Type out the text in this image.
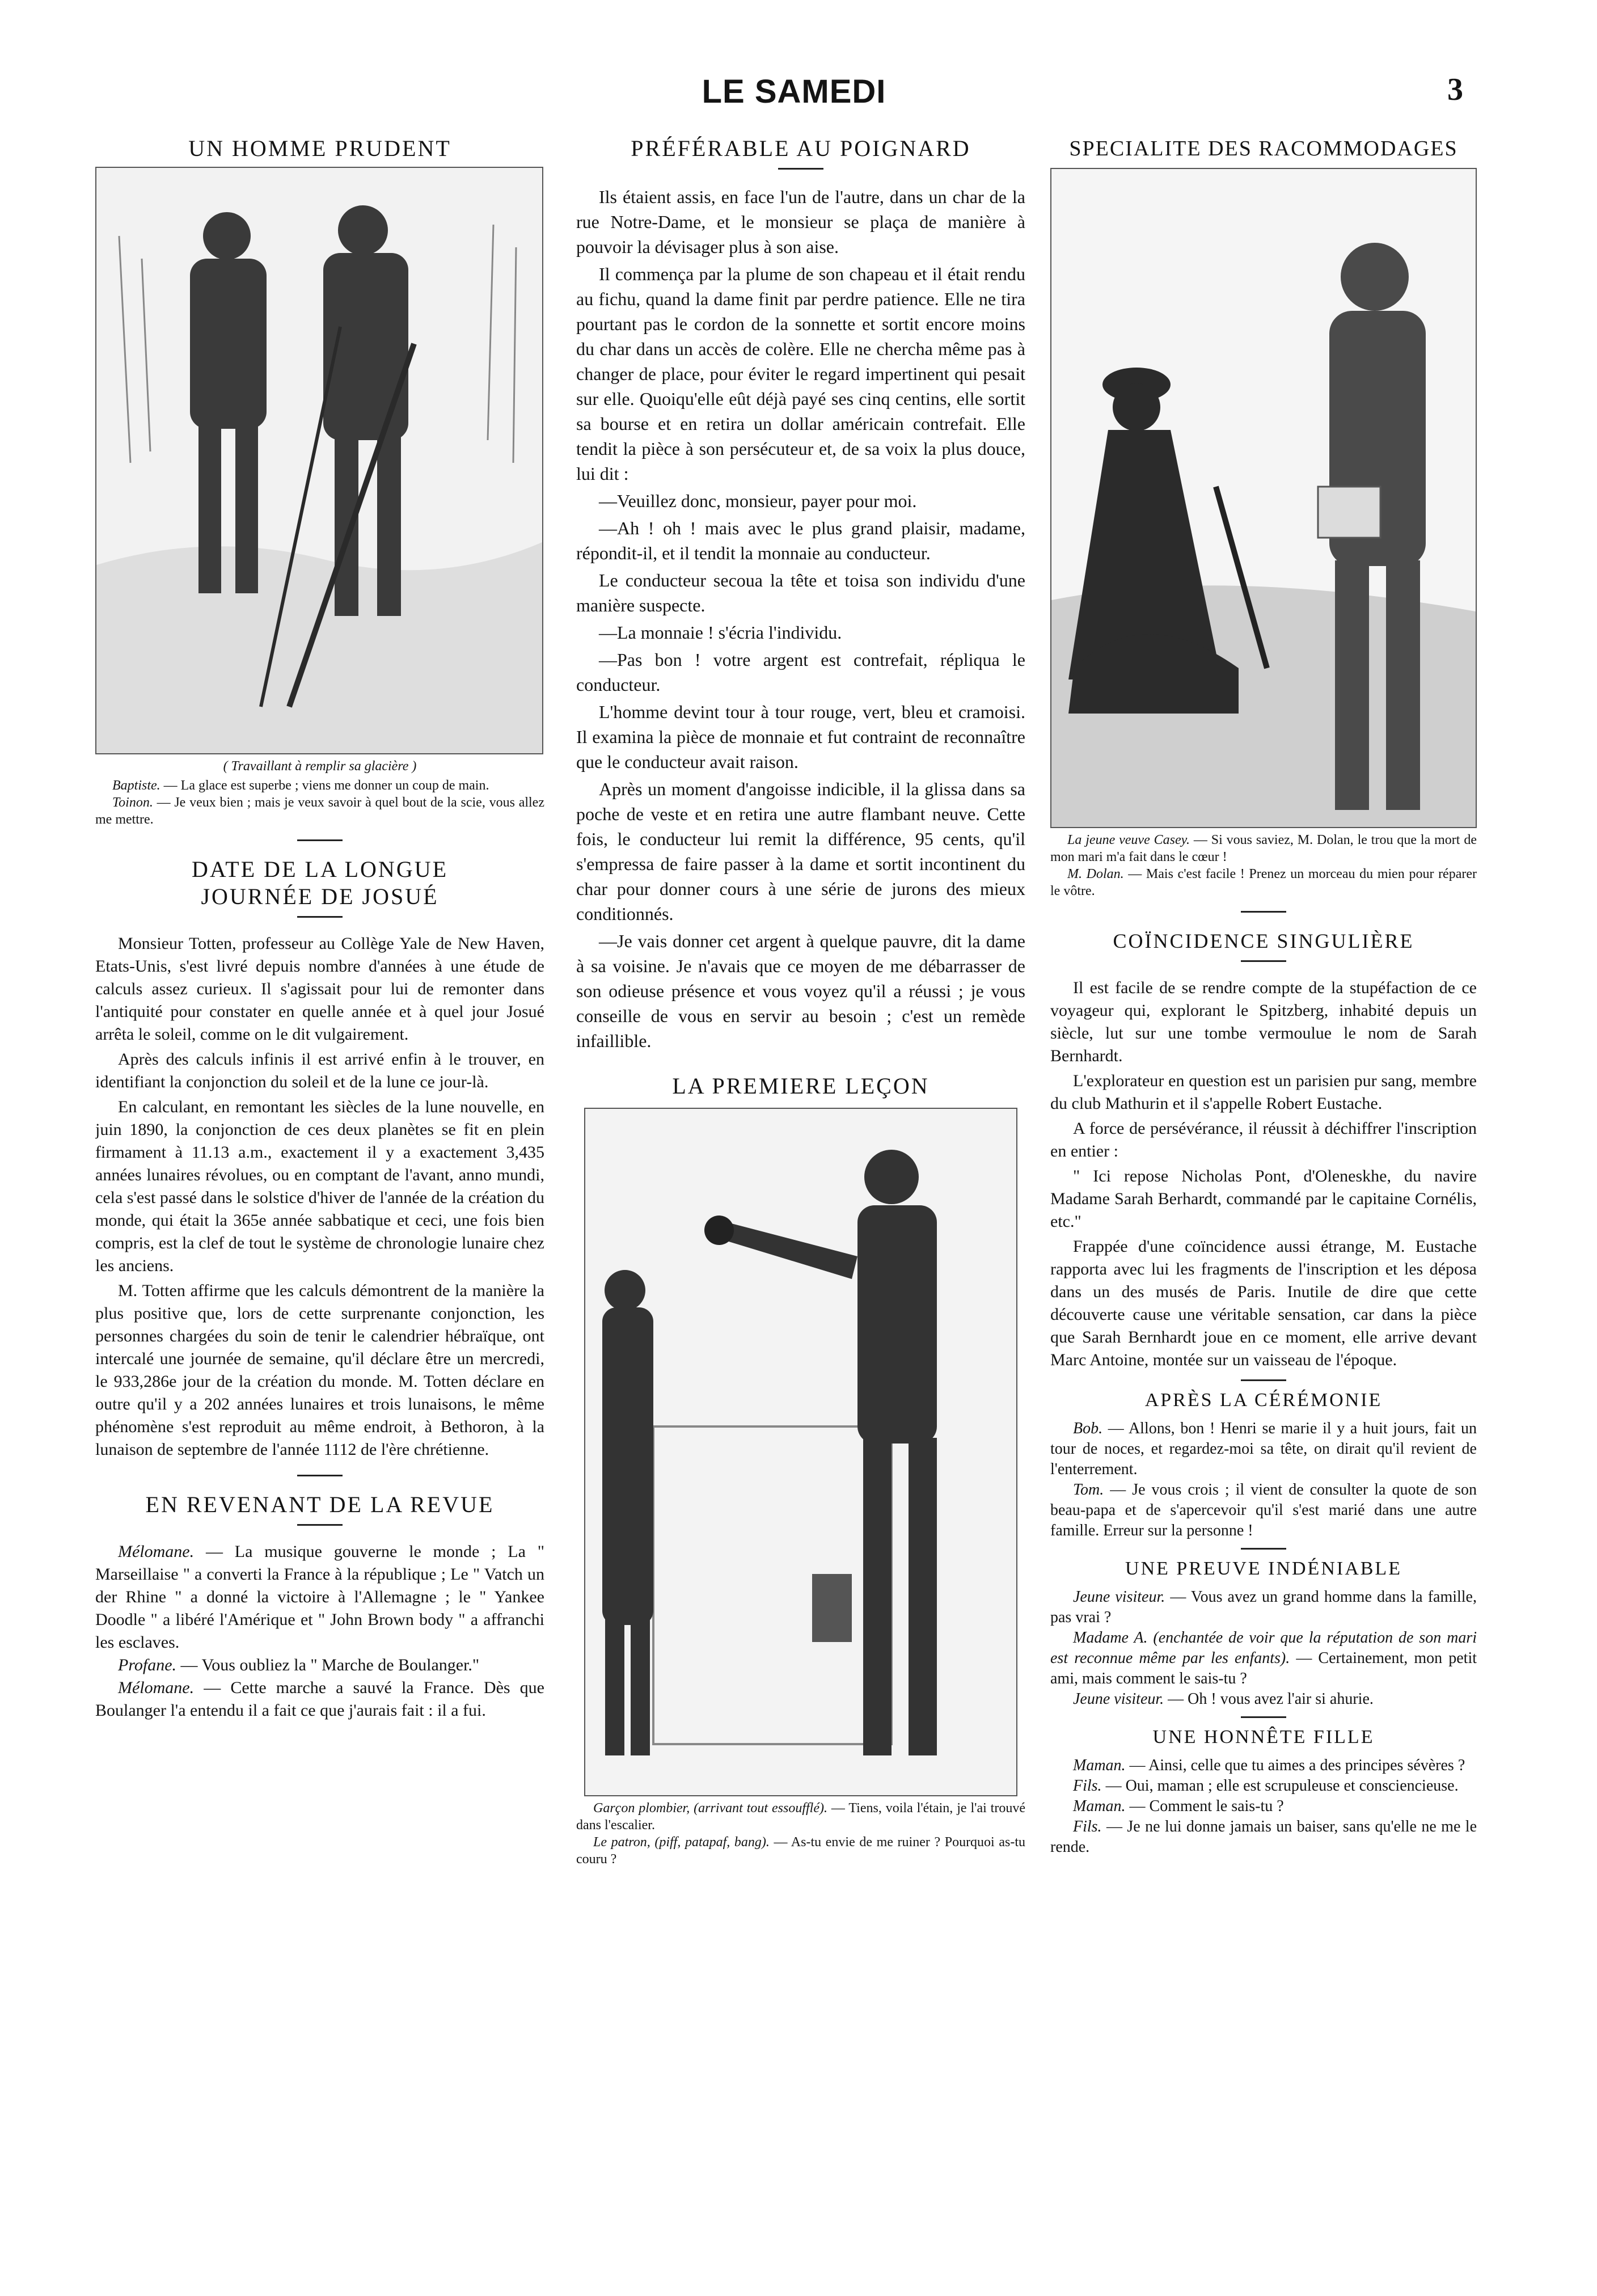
LE SAMEDI	3
UN HOMME PRUDENT
( Travaillant à remplir sa glacière )

Baptiste. — La glace est superbe ; viens me donner un coup de main.

Toinon. — Je veux bien ; mais je veux savoir à quel bout de la scie, vous allez me mettre.

DATE DE LA LONGUE JOURNÉE DE JOSUÉ

Monsieur Totten, professeur au Collège Yale de New Haven, Etats-Unis, s'est livré depuis nombre d'années à une étude de calculs assez curieux. Il s'agissait pour lui de remonter dans l'antiquité pour constater en quelle année et à quel jour Josué arrêta le soleil, comme on le dit vulgairement.

Après des calculs infinis il est arrivé enfin à le trouver, en identifiant la conjonction du soleil et de la lune ce jour-là.

En calculant, en remontant les siècles de la lune nouvelle, en juin 1890, la conjonction de ces deux planètes se fit en plein firmament à 11.13 a.m., exactement il y a exactement 3,435 années lunaires révolues, ou en comptant de l'avant, anno mundi, cela s'est passé dans le solstice d'hiver de l'année de la création du monde, qui était la 365e année sabbatique et ceci, une fois bien compris, est la clef de tout le système de chronologie lunaire chez les anciens.

M. Totten affirme que les calculs démontrent de la manière la plus positive que, lors de cette surprenante conjonction, les personnes chargées du soin de tenir le calendrier hébraïque, ont intercalé une journée de semaine, qu'il déclare être un mercredi, le 933,286e jour de la création du monde. M. Totten déclare en outre qu'il y a 202 années lunaires et trois lunaisons, le même phénomène s'est reproduit au même endroit, à Bethoron, à la lunaison de septembre de l'année 1112 de l'ère chrétienne.

EN REVENANT DE LA REVUE

Mélomane. — La musique gouverne le monde ; La " Marseillaise " a converti la France à la république ; Le " Vatch un der Rhine " a donné la victoire à l'Allemagne ; le " Yankee Doodle " a libéré l'Amérique et " John Brown body " a affranchi les esclaves.

Profane. — Vous oubliez la " Marche de Boulanger."

Mélomane. — Cette marche a sauvé la France. Dès que Boulanger l'a entendu il a fait ce que j'aurais fait : il a fui.

PRÉFÉRABLE AU POIGNARD

Ils étaient assis, en face l'un de l'autre, dans un char de la rue Notre-Dame, et le monsieur se plaça de manière à pouvoir la dévisager plus à son aise.

Il commença par la plume de son chapeau et il était rendu au fichu, quand la dame finit par perdre patience. Elle ne tira pourtant pas le cordon de la sonnette et sortit encore moins du char dans un accès de colère. Elle ne chercha même pas à changer de place, pour éviter le regard impertinent qui pesait sur elle. Quoiqu'elle eût déjà payé ses cinq centins, elle sortit sa bourse et en retira un dollar américain contrefait. Elle tendit la pièce à son persécuteur et, de sa voix la plus douce, lui dit :

—Veuillez donc, monsieur, payer pour moi.

—Ah ! oh ! mais avec le plus grand plaisir, madame, répondit-il, et il tendit la monnaie au conducteur.

Le conducteur secoua la tête et toisa son individu d'une manière suspecte.

—La monnaie ! s'écria l'individu.

—Pas bon ! votre argent est contrefait, répliqua le conducteur.

L'homme devint tour à tour rouge, vert, bleu et cramoisi. Il examina la pièce de monnaie et fut contraint de reconnaître que le conducteur avait raison.

Après un moment d'angoisse indicible, il la glissa dans sa poche de veste et en retira une autre flambant neuve. Cette fois, le conducteur lui remit la différence, 95 cents, qu'il s'empressa de faire passer à la dame et sortit incontinent du char pour donner cours à une série de jurons des mieux conditionnés.

—Je vais donner cet argent à quelque pauvre, dit la dame à sa voisine. Je n'avais que ce moyen de me débarrasser de son odieuse présence et vous voyez qu'il a réussi ; je vous conseille de vous en servir au besoin ; c'est un remède infaillible.

LA PREMIERE LEÇON

Garçon plombier, (arrivant tout essoufflé). — Tiens, voila l'étain, je l'ai trouvé dans l'escalier.

Le patron, (piff, patapaf, bang). — As-tu envie de me ruiner ? Pourquoi as-tu couru ?

SPECIALITE DES RACOMMODAGES

La jeune veuve Casey. — Si vous saviez, M. Dolan, le trou que la mort de mon mari m'a fait dans le cœur !

M. Dolan. — Mais c'est facile ! Prenez un morceau du mien pour réparer le vôtre.

COÏNCIDENCE SINGULIÈRE

Il est facile de se rendre compte de la stupéfaction de ce voyageur qui, explorant le Spitzberg, inhabité depuis un siècle, lut sur une tombe vermoulue le nom de Sarah Bernhardt.

L'explorateur en question est un parisien pur sang, membre du club Mathurin et il s'appelle Robert Eustache.

A force de persévérance, il réussit à déchiffrer l'inscription en entier :

" Ici repose Nicholas Pont, d'Oleneskhe, du navire Madame Sarah Berhardt, commandé par le capitaine Cornélis, etc."

Frappée d'une coïncidence aussi étrange, M. Eustache rapporta avec lui les fragments de l'inscription et les déposa dans un des musés de Paris. Inutile de dire que cette découverte cause une véritable sensation, car dans la pièce que Sarah Bernhardt joue en ce moment, elle arrive devant Marc Antoine, montée sur un vaisseau de l'époque.

APRÈS LA CÉRÉMONIE

Bob. — Allons, bon ! Henri se marie il y a huit jours, fait un tour de noces, et regardez-moi sa tête, on dirait qu'il revient de l'enterrement.

Tom. — Je vous crois ; il vient de consulter la quote de son beau-papa et de s'apercevoir qu'il s'est marié dans une autre famille. Erreur sur la personne !

UNE PREUVE INDÉNIABLE

Jeune visiteur. — Vous avez un grand homme dans la famille, pas vrai ?

Madame A. (enchantée de voir que la réputation de son mari est reconnue même par les enfants). — Certainement, mon petit ami, mais comment le sais-tu ?

Jeune visiteur. — Oh ! vous avez l'air si ahurie.

UNE HONNÊTE FILLE

Maman. — Ainsi, celle que tu aimes a des principes sévères ?

Fils. — Oui, maman ; elle est scrupuleuse et consciencieuse.

Maman. — Comment le sais-tu ?

Fils. — Je ne lui donne jamais un baiser, sans qu'elle ne me le rende.
